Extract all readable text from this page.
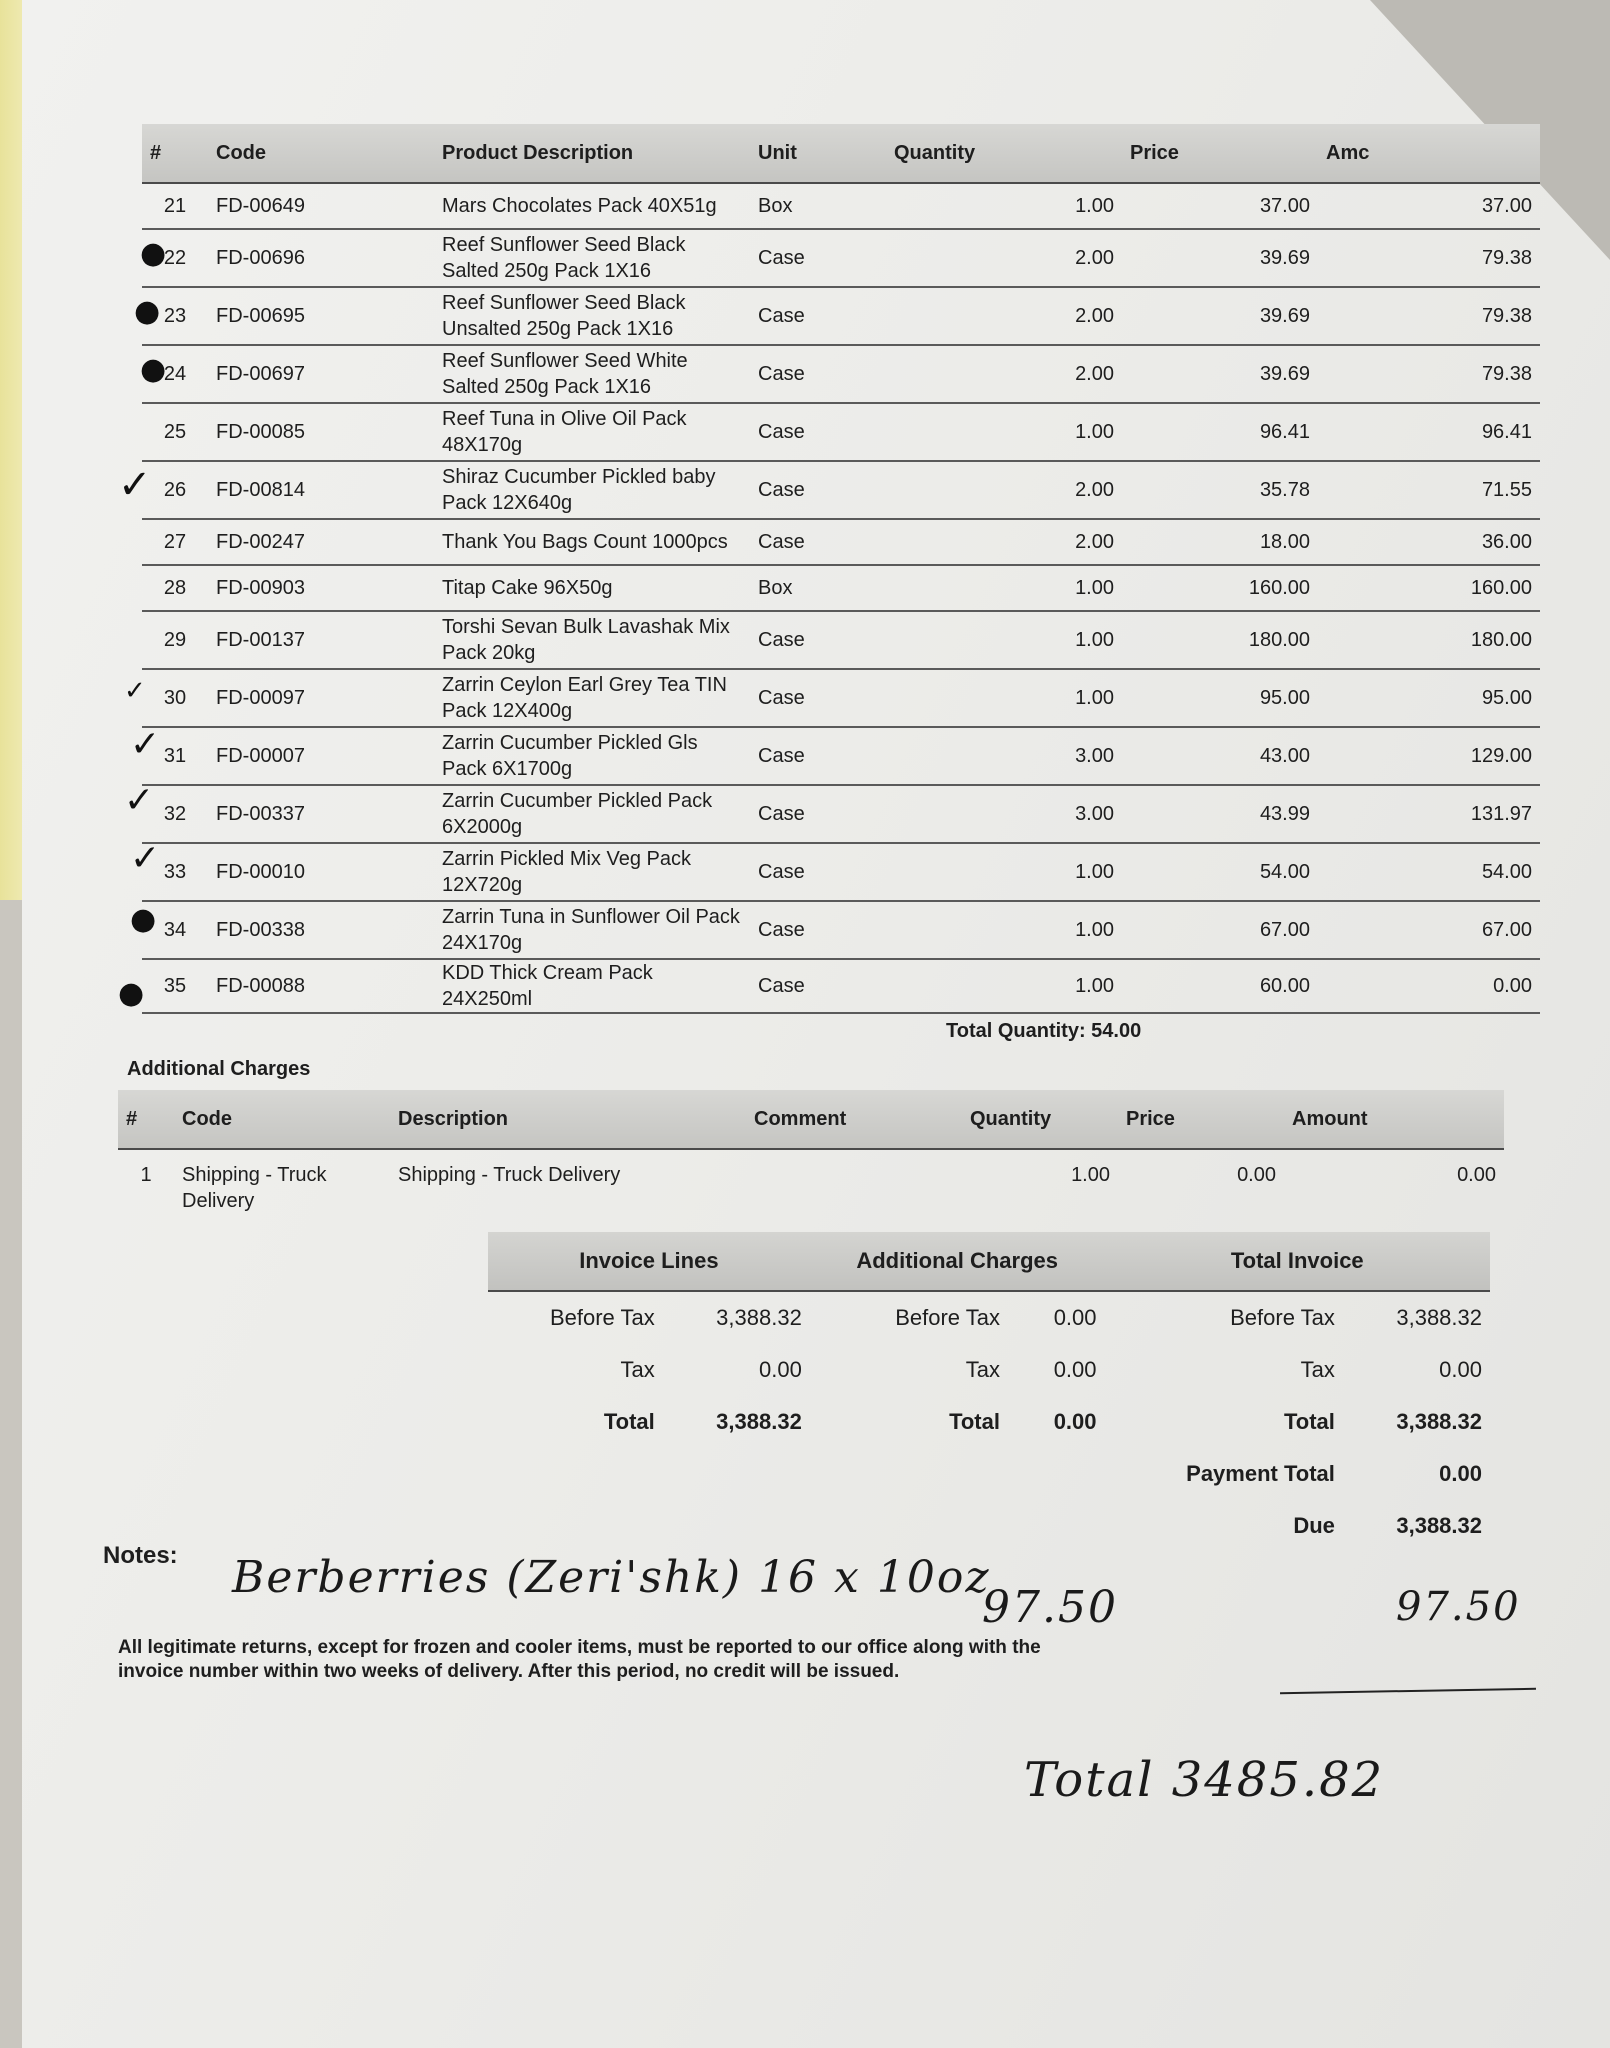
#	Code	Product Description	Unit	Quantity	Price	Amc
21	FD-00649	Mars Chocolates Pack 40X51g	Box	1.00	37.00	37.00
22	FD-00696	Reef Sunflower Seed Black Salted 250g Pack 1X16	Case	2.00	39.69	79.38
23	FD-00695	Reef Sunflower Seed Black Unsalted 250g Pack 1X16	Case	2.00	39.69	79.38
24	FD-00697	Reef Sunflower Seed White Salted 250g Pack 1X16	Case	2.00	39.69	79.38
25	FD-00085	Reef Tuna in Olive Oil Pack 48X170g	Case	1.00	96.41	96.41
26	FD-00814	Shiraz Cucumber Pickled baby Pack 12X640g	Case	2.00	35.78	71.55
27	FD-00247	Thank You Bags Count 1000pcs	Case	2.00	18.00	36.00
28	FD-00903	Titap Cake 96X50g	Box	1.00	160.00	160.00
29	FD-00137	Torshi Sevan Bulk Lavashak Mix Pack 20kg	Case	1.00	180.00	180.00
30	FD-00097	Zarrin Ceylon Earl Grey Tea TIN Pack 12X400g	Case	1.00	95.00	95.00
31	FD-00007	Zarrin Cucumber Pickled Gls Pack 6X1700g	Case	3.00	43.00	129.00
32	FD-00337	Zarrin Cucumber Pickled Pack 6X2000g	Case	3.00	43.99	131.97
33	FD-00010	Zarrin Pickled Mix Veg Pack 12X720g	Case	1.00	54.00	54.00
34	FD-00338	Zarrin Tuna in Sunflower Oil Pack 24X170g	Case	1.00	67.00	67.00
35	FD-00088	KDD Thick Cream Pack 24X250ml	Case	1.00	60.00	0.00
●
●
●
✓
✓
✓
✓
✓
●
●
Total Quantity: 54.00
Additional Charges
#	Code	Description	Comment	Quantity	Price	Amount
1	Shipping - Truck Delivery	Shipping - Truck Delivery		1.00	0.00	0.00
Invoice Lines		Additional Charges		Total Invoice	
Before Tax	3,388.32	Before Tax	0.00	Before Tax	3,388.32
Tax	0.00	Tax	0.00	Tax	0.00
Total	3,388.32	Total	0.00	Total	3,388.32
				Payment Total	0.00
				Due	3,388.32
Notes: Berberries (Zeri'shk) 16 x 10oz
97.50	97.50
All legitimate returns, except for frozen and cooler items, must be reported to our office along with the invoice number within two weeks of delivery. After this period, no credit will be issued.
Total 3485.82
